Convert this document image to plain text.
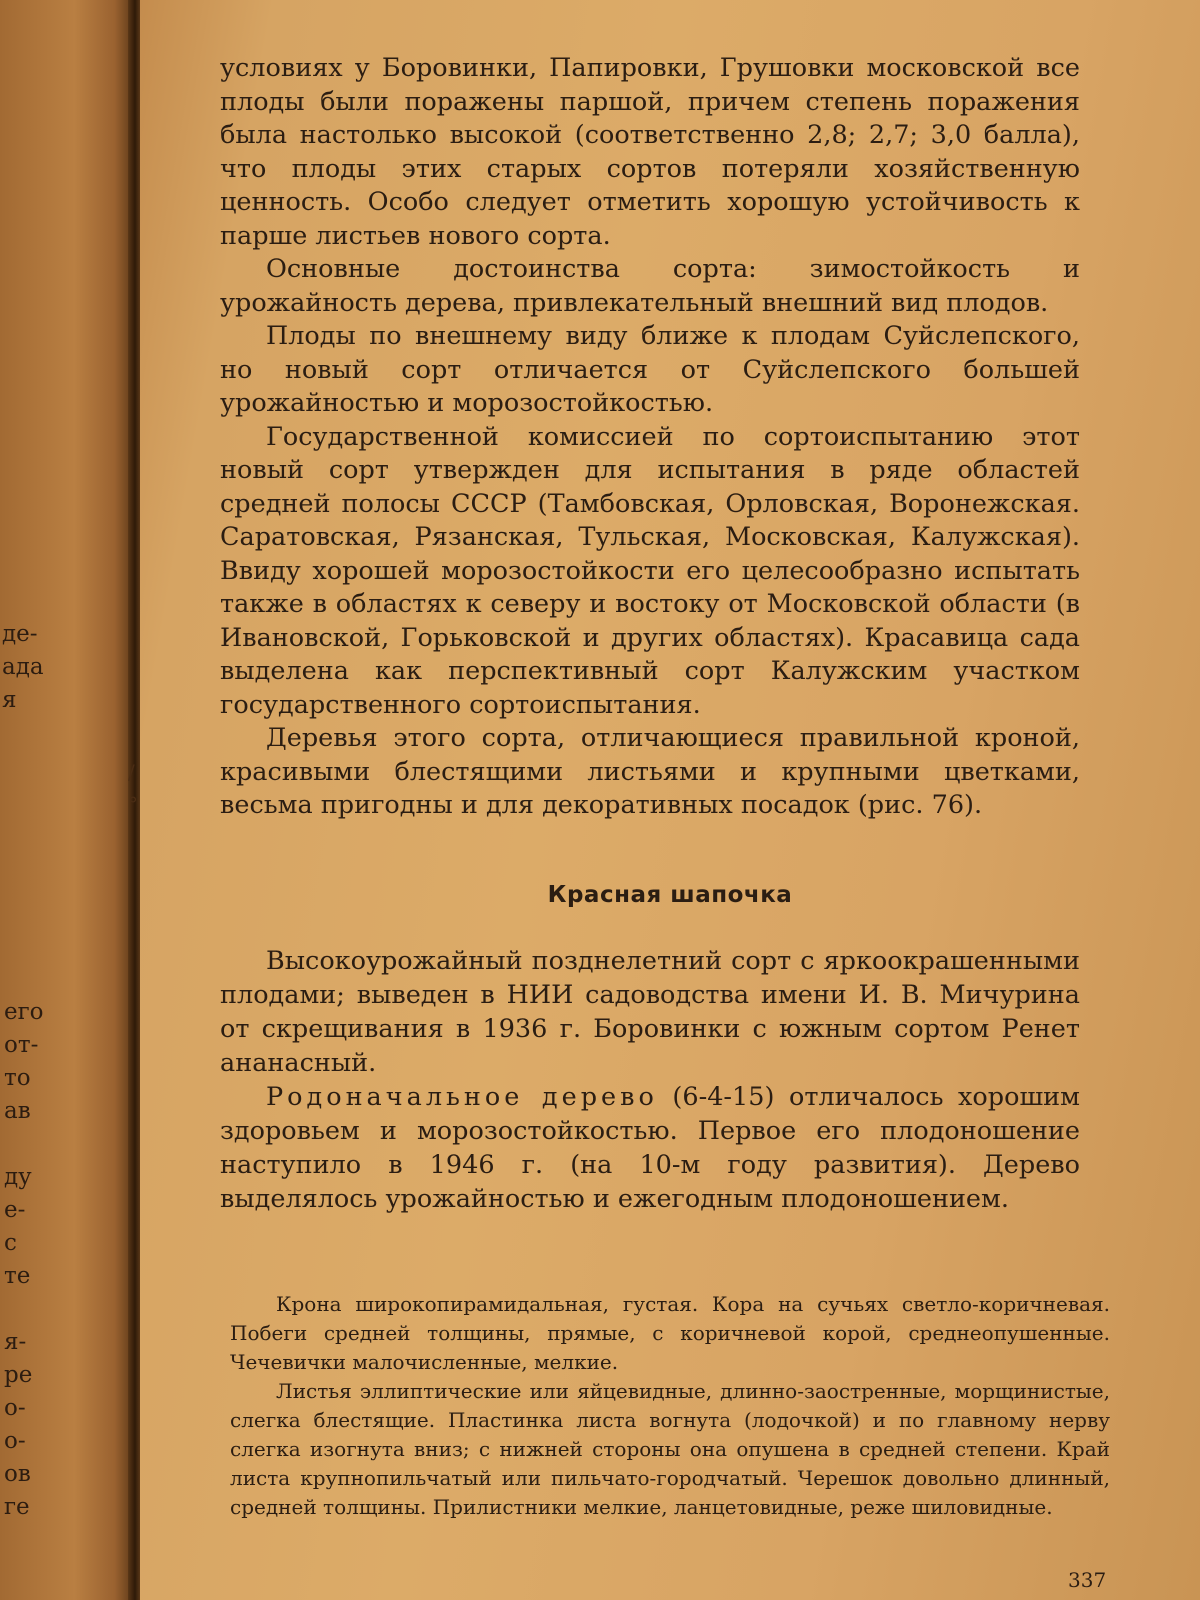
де-
ада
я
его
от-
то
ав

ду
е-
с
те

я-
ре
о-
о-
ов
ге
/
°

условиях у Боровинки, Папировки, Грушовки московской все плоды были поражены паршой, причем степень поражения была настолько высокой (соответственно 2,8; 2,7; 3,0 балла), что плоды этих старых сортов потеряли хозяйственную ценность. Особо следует отметить хорошую устойчивость к парше листьев нового сорта.

Основные достоинства сорта: зимостойкость и урожайность дерева, привлекательный внешний вид плодов.

Плоды по внешнему виду ближе к плодам Суйслепского, но новый сорт отличается от Суйслепского большей урожайностью и морозостойкостью.

Государственной комиссией по сортоиспытанию этот новый сорт утвержден для испытания в ряде областей средней полосы СССР (Тамбовская, Орловская, Воронежская. Саратовская, Рязанская, Тульская, Московская, Калужская). Ввиду хорошей морозостойкости его целесообразно испытать также в областях к северу и востоку от Московской области (в Ивановской, Горьковской и других областях). Красавица сада выделена как перспективный сорт Калужским участком государственного сортоиспытания.

Деревья этого сорта, отличающиеся правильной кроной, красивыми блестящими листьями и крупными цветками, весьма пригодны и для декоративных посадок (рис. 76).

Красная шапочка

Высокоурожайный позднелетний сорт с яркоокрашенными плодами; выведен в НИИ садоводства имени И. В. Мичурина от скрещивания в 1936 г. Боровинки с южным сортом Ренет ананасный.

Родоначальное дерево (6-4-15) отличалось хорошим здоровьем и морозостойкостью. Первое его плодоношение наступило в 1946 г. (на 10-м году развития). Дерево выделялось урожайностью и ежегодным плодоношением.

Крона широкопирамидальная, густая. Кора на сучьях светло-коричневая. Побеги средней толщины, прямые, с коричневой корой, среднеопушенные. Чечевички малочисленные, мелкие.

Листья эллиптические или яйцевидные, длинно-заостренные, морщинистые, слегка блестящие. Пластинка листа вогнута (лодочкой) и по главному нерву слегка изогнута вниз; с нижней стороны она опушена в средней степени. Край листа крупнопильчатый или пильчато-городчатый. Черешок довольно длинный, средней толщины. Прилистники мелкие, ланцетовидные, реже шиловидные.

337
